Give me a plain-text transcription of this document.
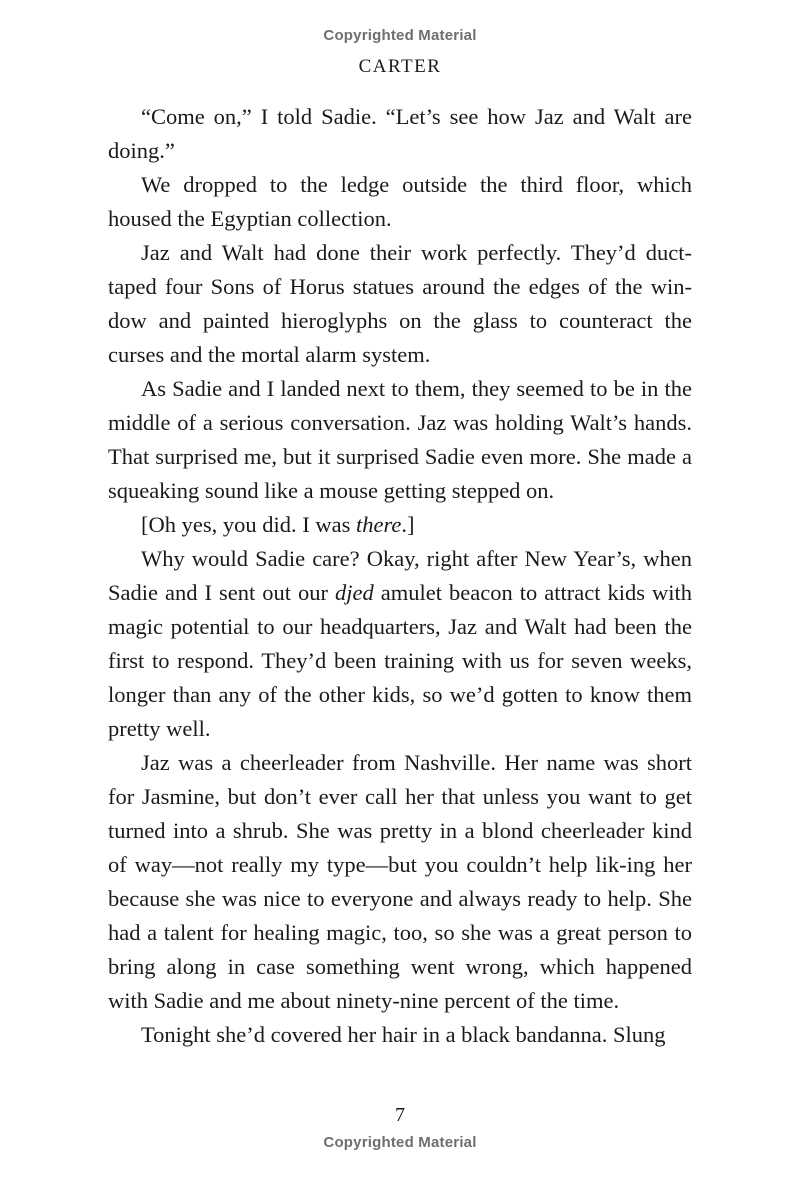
Copyrighted Material
CARTER

“Come on,” I told Sadie. “Let’s see how Jaz and Walt are doing.”

We dropped to the ledge outside the third floor, which housed the Egyptian collection.

Jaz and Walt had done their work perfectly. They’d duct-taped four Sons of Horus statues around the edges of the win-dow and painted hieroglyphs on the glass to counteract the curses and the mortal alarm system.

As Sadie and I landed next to them, they seemed to be in the middle of a serious conversation. Jaz was holding Walt’s hands. That surprised me, but it surprised Sadie even more. She made a squeaking sound like a mouse getting stepped on.

[Oh yes, you did. I was there.]

Why would Sadie care? Okay, right after New Year’s, when Sadie and I sent out our djed amulet beacon to attract kids with magic potential to our headquarters, Jaz and Walt had been the first to respond. They’d been training with us for seven weeks, longer than any of the other kids, so we’d gotten to know them pretty well.

Jaz was a cheerleader from Nashville. Her name was short for Jasmine, but don’t ever call her that unless you want to get turned into a shrub. She was pretty in a blond cheerleader kind of way—not really my type—but you couldn’t help lik-ing her because she was nice to everyone and always ready to help. She had a talent for healing magic, too, so she was a great person to bring along in case something went wrong, which happened with Sadie and me about ninety-nine percent of the time.

Tonight she’d covered her hair in a black bandanna. Slung

7
Copyrighted Material
